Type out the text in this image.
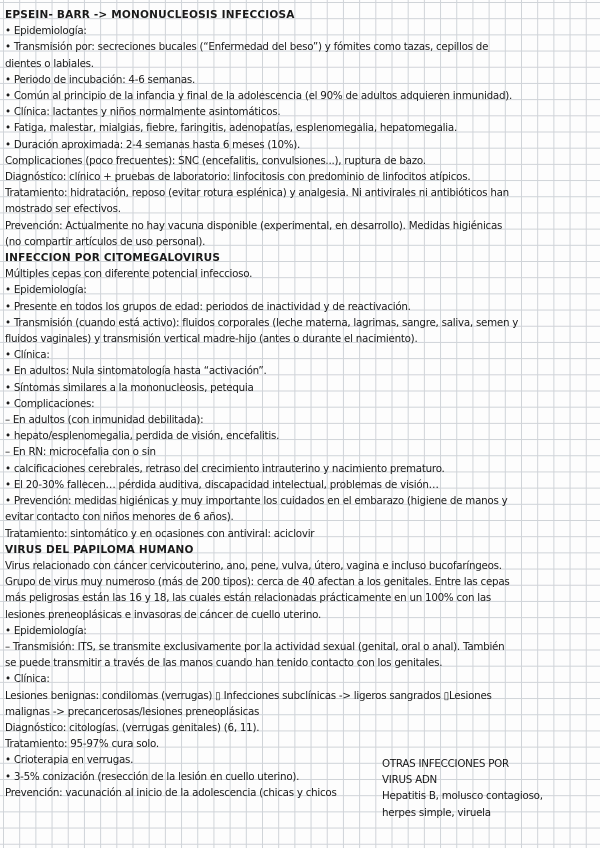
EPSEIN- BARR -> MONONUCLEOSIS INFECCIOSA
• Epidemiología:
• Transmisión por: secreciones bucales (“Enfermedad del beso”) y fómites como tazas, cepillos de
dientes o labiales.
• Periodo de incubación: 4-6 semanas.
• Común al principio de la infancia y final de la adolescencia (el 90% de adultos adquieren inmunidad).
• Clínica: lactantes y niños normalmente asintomáticos.
• Fatiga, malestar, mialgias, fiebre, faringitis, adenopatías, esplenomegalia, hepatomegalia.
• Duración aproximada: 2-4 semanas hasta 6 meses (10%).
Complicaciones (poco frecuentes): SNC (encefalitis, convulsiones...), ruptura de bazo.
Diagnóstico: clínico + pruebas de laboratorio: linfocitosis con predominio de linfocitos atípicos.
Tratamiento: hidratación, reposo (evitar rotura esplénica) y analgesia. Ni antivirales ni antibióticos han
mostrado ser efectivos.
Prevención: Actualmente no hay vacuna disponible (experimental, en desarrollo). Medidas higiénicas
(no compartir artículos de uso personal).
INFECCION POR CITOMEGALOVIRUS
Múltiples cepas con diferente potencial infeccioso.
• Epidemiología:
• Presente en todos los grupos de edad: periodos de inactividad y de reactivación.
• Transmisión (cuando está activo): fluidos corporales (leche materna, lagrimas, sangre, saliva, semen y
fluidos vaginales) y transmisión vertical madre-hijo (antes o durante el nacimiento).
• Clínica:
• En adultos: Nula sintomatología hasta “activación”.
• Síntomas similares a la mononucleosis, petequia
• Complicaciones:
– En adultos (con inmunidad debilitada):
• hepato/esplenomegalia, perdida de visión, encefalitis.
– En RN: microcefalia con o sin
• calcificaciones cerebrales, retraso del crecimiento intrauterino y nacimiento prematuro.
• El 20-30% fallecen… pérdida auditiva, discapacidad intelectual, problemas de visión…
• Prevención: medidas higiénicas y muy importante los cuidados en el embarazo (higiene de manos y
evitar contacto con niños menores de 6 años).
Tratamiento: sintomático y en ocasiones con antiviral: aciclovir
VIRUS DEL PAPILOMA HUMANO
Virus relacionado con cáncer cervicouterino, ano, pene, vulva, útero, vagina e incluso bucofaríngeos.
Grupo de virus muy numeroso (más de 200 tipos): cerca de 40 afectan a los genitales. Entre las cepas
más peligrosas están las 16 y 18, las cuales están relacionadas prácticamente en un 100% con las
lesiones preneoplásicas e invasoras de cáncer de cuello uterino.
• Epidemiología:
– Transmisión: ITS, se transmite exclusivamente por la actividad sexual (genital, oral o anal). También
se puede transmitir a través de las manos cuando han tenido contacto con los genitales.
• Clínica:
Lesiones benignas: condilomas (verrugas) ▯ Infecciones subclínicas -> ligeros sangrados ▯Lesiones
malignas -> precancerosas/lesiones preneoplásicas
Diagnóstico: citologías. (verrugas genitales) (6, 11).
Tratamiento: 95-97% cura solo.
• Crioterapia en verrugas.
• 3-5% conización (resección de la lesión en cuello uterino).
Prevención: vacunación al inicio de la adolescencia (chicas y chicos
OTRAS INFECCIONES POR
VIRUS ADN
Hepatitis B, molusco contagioso,
herpes simple, viruela
